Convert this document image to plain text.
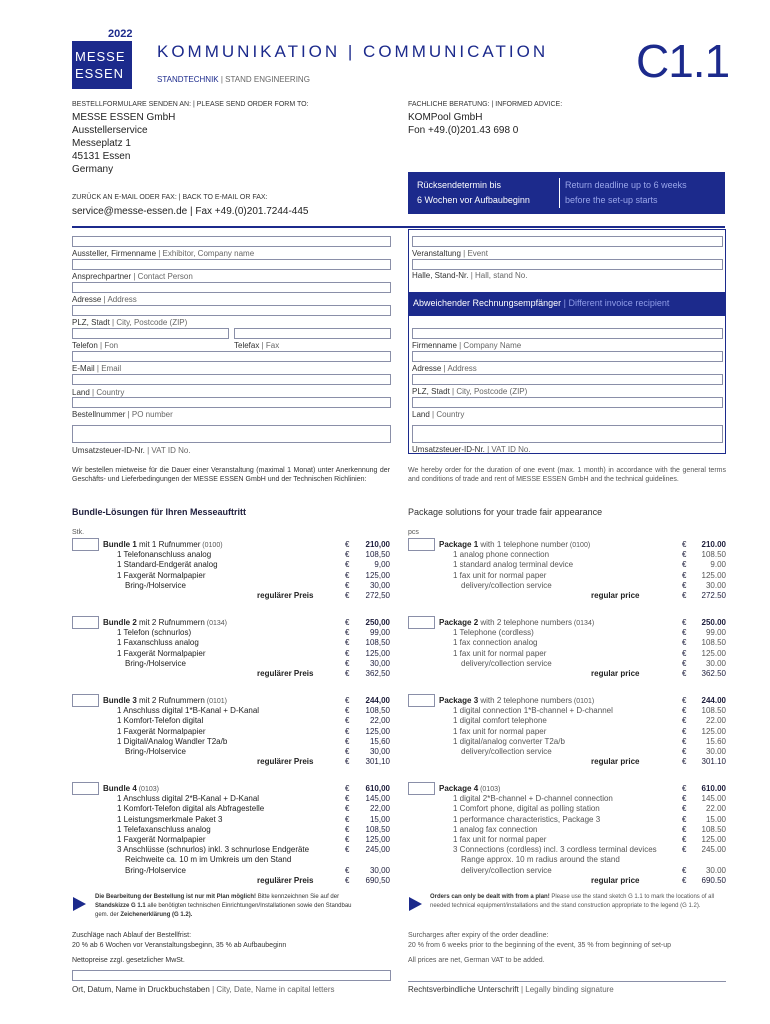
2022
MESSE
ESSEN
KOMMUNIKATION | COMMUNICATION
STANDTECHNIK | STAND ENGINEERING	C1.1
BESTELLFORMULARE SENDEN AN: | PLEASE SEND ORDER FORM TO:
MESSE ESSEN GmbH
Ausstellerservice
Messeplatz 1
45131 Essen
Germany
ZURÜCK AN E-MAIL ODER FAX: | BACK TO E-MAIL OR FAX:
service@messe-essen.de | Fax +49.(0)201.7244-445
FACHLICHE BERATUNG: | INFORMED ADVICE:
KOMPool GmbH
Fon +49.(0)201.43 698 0
Rücksendetermin bis
6 Wochen vor Aufbaubeginn
Return deadline up to 6 weeks
before the set-up starts
Aussteller, Firmenname | Exhibitor, Company name
Ansprechpartner | Contact Person
Adresse | Address
PLZ, Stadt | City, Postcode (ZIP)
Telefon | Fon	Telefax | Fax
E-Mail | Email
Land | Country
Bestellnummer | PO number
Umsatzsteuer-ID-Nr. | VAT ID No.
Veranstaltung | Event
Halle, Stand-Nr. | Hall, stand No.
Abweichender Rechnungsempfänger | Different invoice recipient
Firmenname | Company Name
Adresse | Address
PLZ, Stadt | City, Postcode (ZIP)
Land | Country
Umsatzsteuer-ID-Nr. | VAT ID No.
Wir bestellen mietweise für die Dauer einer Veranstaltung (maximal 1 Monat) unter Anerkennung der Geschäfts- und Lieferbedingungen der MESSE ESSEN GmbH und der Technischen Richlinien:
We hereby order for the duration of one event (max. 1 month) in accordance with the general terms and conditions of trade and rent of MESSE ESSEN GmbH and the technical guidelines.
Bundle-Lösungen für Ihren Messeauftritt	Package solutions for your trade fair appearance
Stk.	pcs
Bundle 1 mit 1 Rufnummer (0100)	€	210,00
1 Telefonanschluss analog	€	108,50
1 Standard-Endgerät analog	€	9,00
1 Faxgerät Normalpapier	€	125,00
Bring-/Holservice	€	30,00
regulärer Preis	€	272,50
Bundle 2 mit 2 Rufnummern (0134)	€	250,00
1 Telefon (schnurlos)	€	99,00
1 Faxanschluss analog	€	108,50
1 Faxgerät Normalpapier	€	125,00
Bring-/Holservice	€	30,00
regulärer Preis	€	362,50
Bundle 3 mit 2 Rufnummern (0101)	€	244,00
1 Anschluss digital 1*B-Kanal + D-Kanal	€	108,50
1 Komfort-Telefon digital	€	22,00
1 Faxgerät Normalpapier	€	125,00
1 Digital/Analog Wandler T2a/b	€	15,60
Bring-/Holservice	€	30,00
regulärer Preis	€	301,10
Bundle 4 (0103)	€	610,00
1 Anschluss digital 2*B-Kanal + D-Kanal	€	145,00
1 Komfort-Telefon digital als Abfragestelle	€	22,00
1 Leistungsmerkmale Paket 3	€	15,00
1 Telefaxanschluss analog	€	108,50
1 Faxgerät Normalpapier	€	125,00
3 Anschlüsse (schnurlos) inkl. 3 schnurlose Endgeräte	€	245,00
Reichweite ca. 10 m im Umkreis um den Stand
Bring-/Holservice	€	30,00
regulärer Preis	€	690,50
Package 1 with 1 telephone number (0100)	€	210.00
1 analog phone connection	€	108.50
1 standard analog terminal device	€	9.00
1 fax unit for normal paper	€	125.00
delivery/collection service	€	30.00
regular price	€	272.50
Package 2 with 2 telephone numbers (0134)	€	250.00
1 Telephone (cordless)	€	99.00
1 fax connection analog	€	108.50
1 fax unit for normal paper	€	125.00
delivery/collection service	€	30.00
regular price	€	362.50
Package 3 with 2 telephone numbers (0101)	€	244.00
1 digital connection 1*B-channel + D-channel	€	108.50
1 digital comfort telephone	€	22.00
1 fax unit for normal paper	€	125.00
1 digital/analog converter T2a/b	€	15.60
delivery/collection service	€	30.00
regular price	€	301.10
Package 4 (0103)	€	610.00
1 digital 2*B-channel + D-channel connection	€	145.00
1 Comfort phone, digital as polling station	€	22.00
1 performance characteristics, Package 3	€	15.00
1 analog fax connection	€	108.50
1 fax unit for normal paper	€	125.00
3 Connections (cordless) incl. 3 cordless terminal devices	€	245.00
Range approx. 10 m radius around the stand
delivery/collection service	€	30.00
regular price	€	690.50
Die Bearbeitung der Bestellung ist nur mit Plan möglich! Bitte kennzeichnen Sie auf der
Standskizze G 1.1 alle benötigten technischen Einrichtungen/Installationen sowie den Standbau
gem. der Zeichenerklärung (G 1.2).
Orders can only be dealt with from a plan! Please use the stand sketch G 1.1 to mark the locations of all needed technical equipment/installations and the stand construction appropriate to the legend (G 1.2).
Zuschläge nach Ablauf der Bestellfrist:
20 % ab 6 Wochen vor Veranstaltungsbeginn, 35 % ab Aufbaubeginn
Nettopreise zzgl. gesetzlicher MwSt.
Surcharges after expiry of the order deadline:
20 % from 6 weeks prior to the beginning of the event, 35 % from beginning of set-up
All prices are net, German VAT to be added.
Ort, Datum, Name in Druckbuchstaben | City, Date, Name in capital letters	Rechtsverbindliche Unterschrift | Legally binding signature
